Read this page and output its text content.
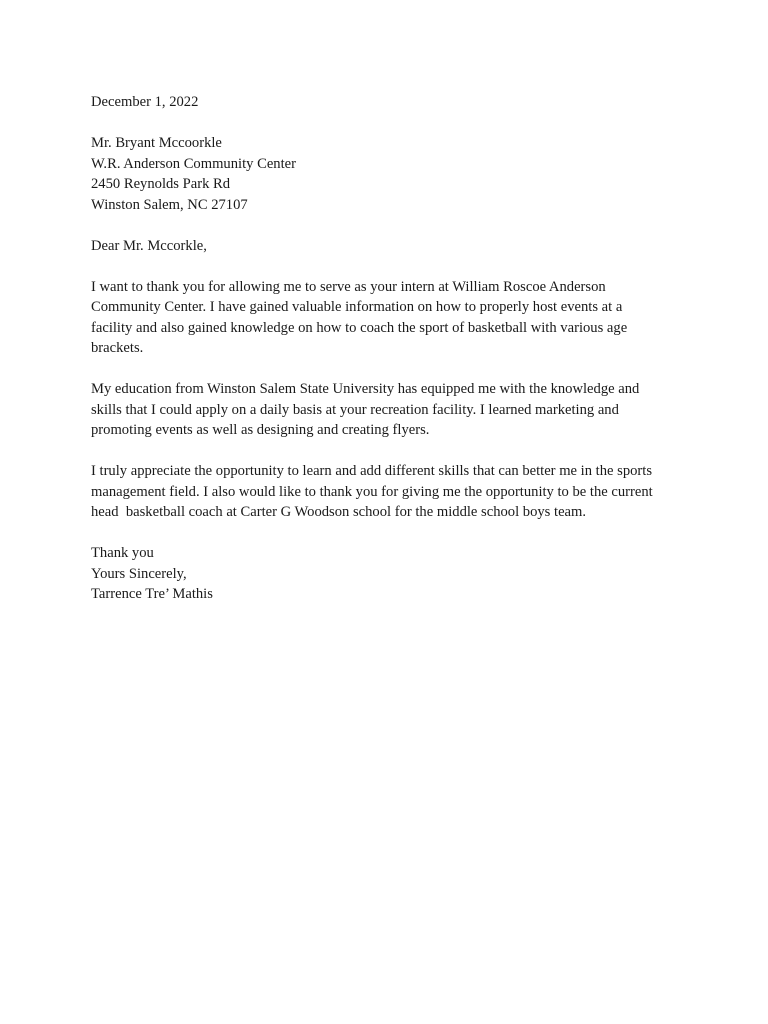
December 1, 2022
Mr. Bryant Mccoorkle
W.R. Anderson Community Center
2450 Reynolds Park Rd
Winston Salem, NC 27107
Dear Mr. Mccorkle,
I want to thank you for allowing me to serve as your intern at William Roscoe Anderson
Community Center. I have gained valuable information on how to properly host events at a
facility and also gained knowledge on how to coach the sport of basketball with various age
brackets.
My education from Winston Salem State University has equipped me with the knowledge and
skills that I could apply on a daily basis at your recreation facility. I learned marketing and
promoting events as well as designing and creating flyers.
I truly appreciate the opportunity to learn and add different skills that can better me in the sports
management field. I also would like to thank you for giving me the opportunity to be the current
head  basketball coach at Carter G Woodson school for the middle school boys team.
Thank you
Yours Sincerely,
Tarrence Tre’ Mathis
